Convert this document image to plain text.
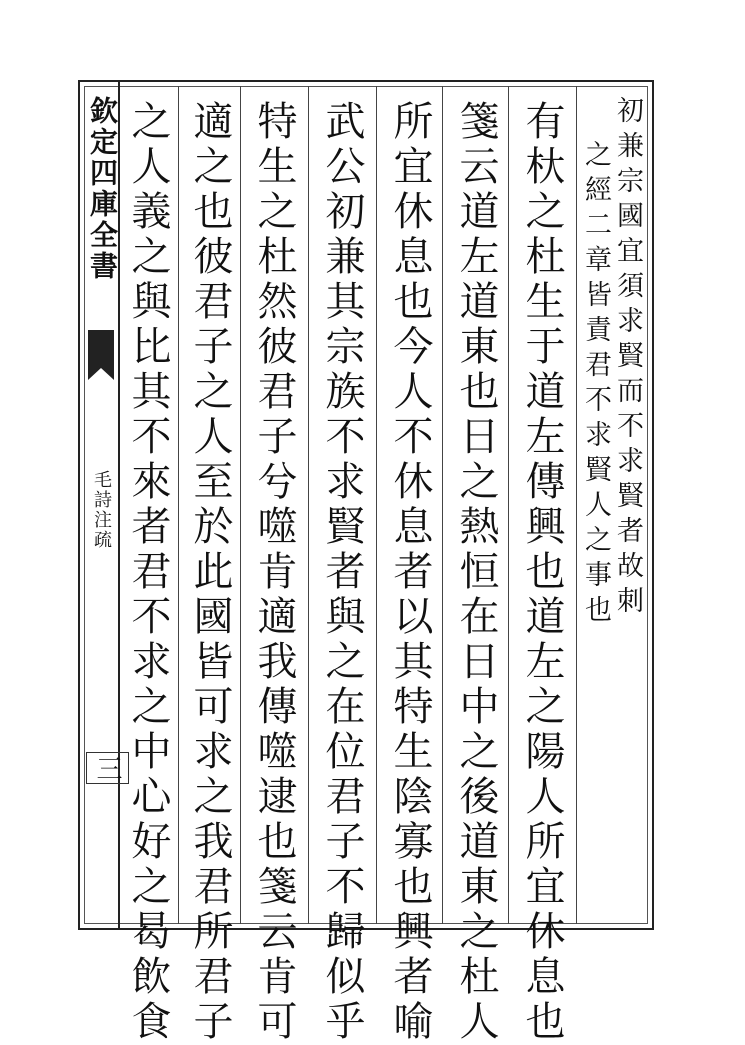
欽定四庫全書
毛詩注疏
三
初兼宗國宜須求賢而不求賢者故刺
之經二章皆責君不求賢人之事也
有杕之杜生于道左傳興也道左之陽人所宜休息也
箋云道左道東也日之熱恒在日中之後道東之杜人
所宜休息也今人不休息者以其特生陰寡也興者喻
武公初兼其宗族不求賢者與之在位君子不歸似乎
特生之杜然彼君子兮噬肯適我傳噬逮也箋云肯可
適之也彼君子之人至於此國皆可求之我君所君子
之人義之與比其不來者君不求之中心好之曷飲食
